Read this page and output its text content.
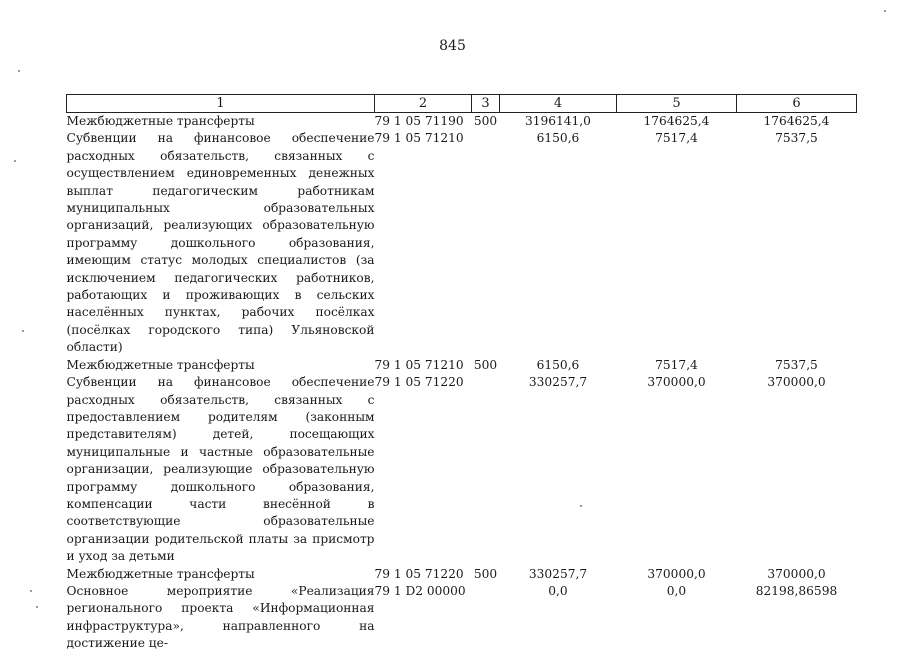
845
1	2	3	4	5	6
Межбюджетные трансферты	79 1 05 71190	500	3196141,0	1764625,4	1764625,4
Субвенции на финансовое обеспечение расходных обязательств, связанных с осуществлением единовременных денежных выплат педагогическим работникам муниципальных образовательных организаций, реализующих образовательную программу дошкольного образования, имеющим статус молодых специалистов (за исключением педагогических работников, работающих и проживающих в сельских населённых пунктах, рабочих посёлках (посёлках городского типа) Ульяновской области)	79 1 05 71210		6150,6	7517,4	7537,5
Межбюджетные трансферты	79 1 05 71210	500	6150,6	7517,4	7537,5
Субвенции на финансовое обеспечение расходных обязательств, связанных с предоставлением родителям (законным представителям) детей, посещающих муниципальные и частные образовательные организации, реализующие образовательную программу дошкольного образования, компенсации части внесённой в соответствующие образовательные организации родительской платы за присмотр и уход за детьми	79 1 05 71220		330257,7	370000,0	370000,0
Межбюджетные трансферты	79 1 05 71220	500	330257,7	370000,0	370000,0
Основное мероприятие «Реализация регионального проекта «Информационная инфраструктура», направленного на достижение це-	79 1 D2 00000		0,0	0,0	82198,86598
